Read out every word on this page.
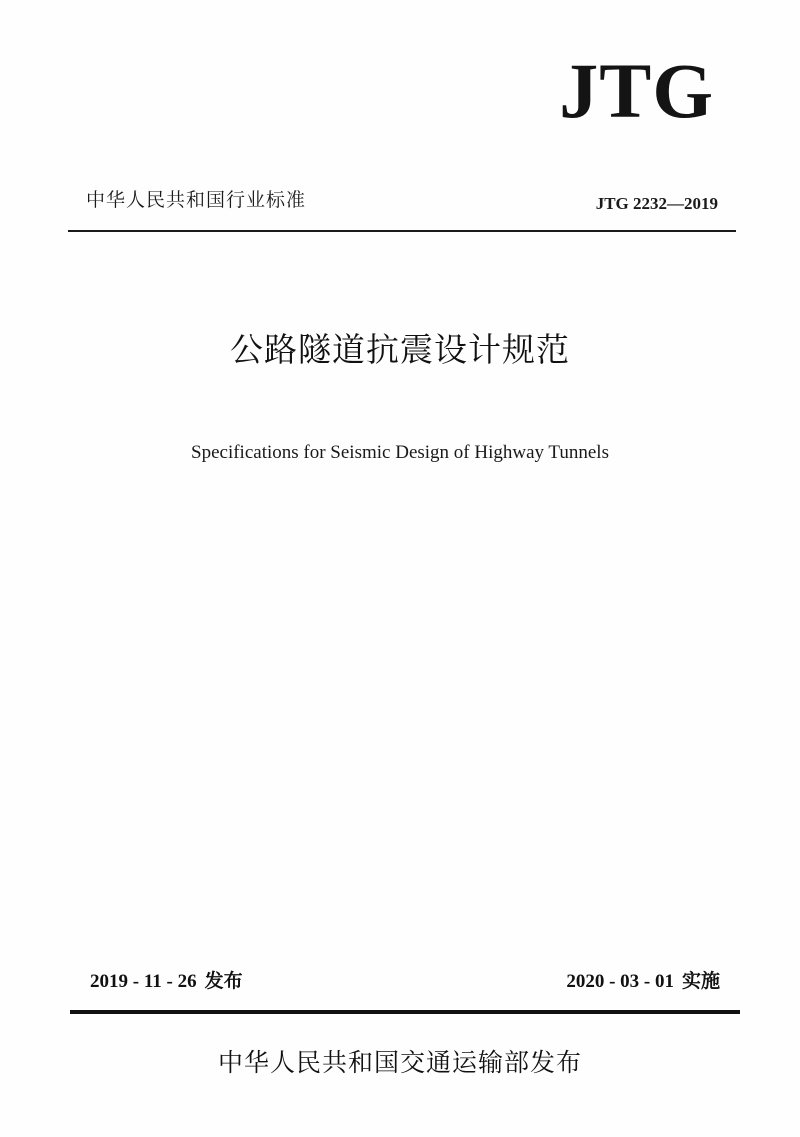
JTG
中华人民共和国行业标准	JTG 2232—2019
公路隧道抗震设计规范
Specifications for Seismic Design of Highway Tunnels
2019 - 11 - 26 发布	2020 - 03 - 01 实施
中华人民共和国交通运输部发布
